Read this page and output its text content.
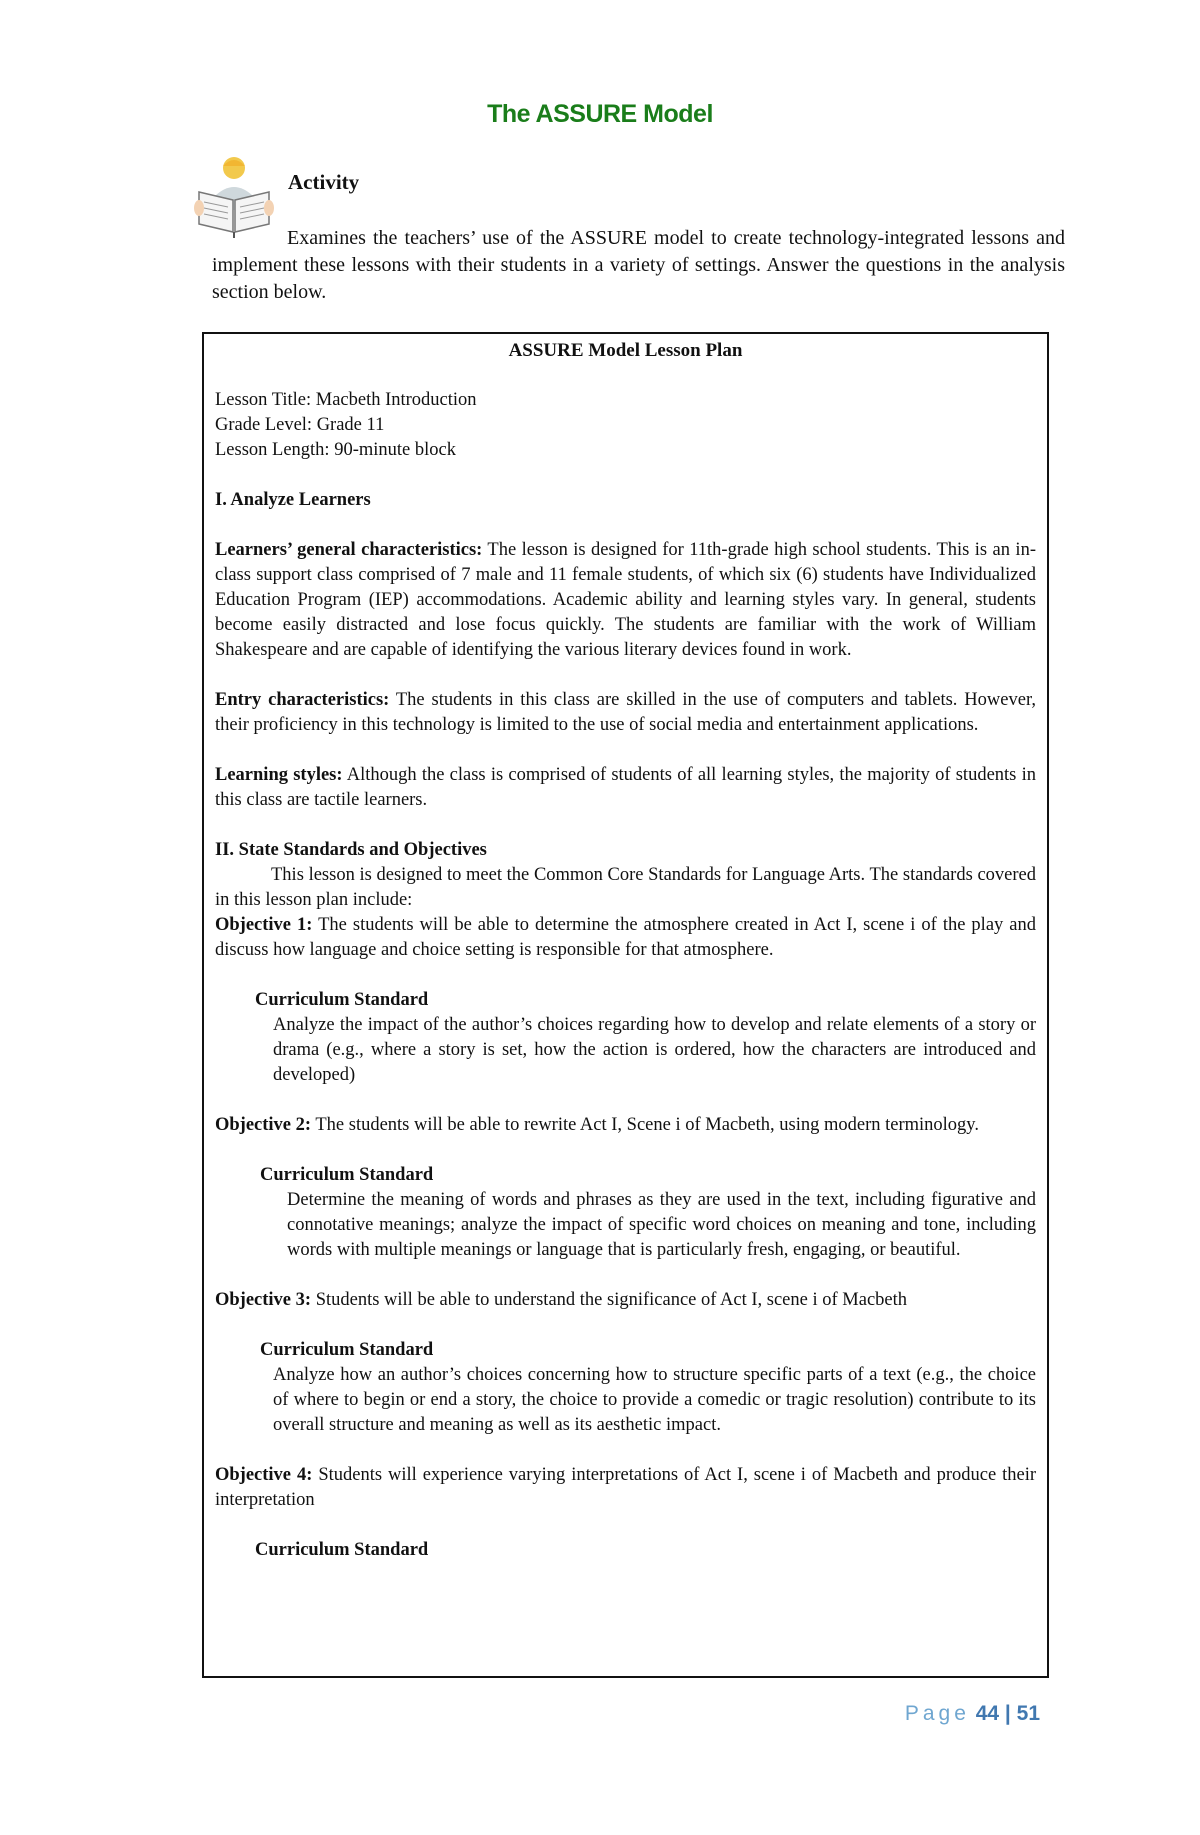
The ASSURE Model
Activity
Examines the teachers’ use of the ASSURE model to create technology-integrated lessons and implement these lessons with their students in a variety of settings. Answer the questions in the analysis section below.
ASSURE Model Lesson Plan

Lesson Title: Macbeth Introduction

Grade Level: Grade 11

Lesson Length: 90-minute block

I. Analyze Learners

Learners’ general characteristics: The lesson is designed for 11th-grade high school students. This is an in-class support class comprised of 7 male and 11 female students, of which six (6) students have Individualized Education Program (IEP) accommodations. Academic ability and learning styles vary. In general, students become easily distracted and lose focus quickly. The students are familiar with the work of William Shakespeare and are capable of identifying the various literary devices found in work.

Entry characteristics: The students in this class are skilled in the use of computers and tablets. However, their proficiency in this technology is limited to the use of social media and entertainment applications.

Learning styles: Although the class is comprised of students of all learning styles, the majority of students in this class are tactile learners.

II. State Standards and Objectives

This lesson is designed to meet the Common Core Standards for Language Arts. The standards covered in this lesson plan include:

Objective 1: The students will be able to determine the atmosphere created in Act I, scene i of the play and discuss how language and choice setting is responsible for that atmosphere.

Curriculum Standard

Analyze the impact of the author’s choices regarding how to develop and relate elements of a story or drama (e.g., where a story is set, how the action is ordered, how the characters are introduced and developed)

Objective 2: The students will be able to rewrite Act I, Scene i of Macbeth, using modern terminology.

Curriculum Standard

Determine the meaning of words and phrases as they are used in the text, including figurative and connotative meanings; analyze the impact of specific word choices on meaning and tone, including words with multiple meanings or language that is particularly fresh, engaging, or beautiful.

Objective 3: Students will be able to understand the significance of Act I, scene i of Macbeth

Curriculum Standard

Analyze how an author’s choices concerning how to structure specific parts of a text (e.g., the choice of where to begin or end a story, the choice to provide a comedic or tragic resolution) contribute to its overall structure and meaning as well as its aesthetic impact.

Objective 4: Students will experience varying interpretations of Act I, scene i of Macbeth and produce their interpretation

Curriculum Standard

Page 44 | 51
